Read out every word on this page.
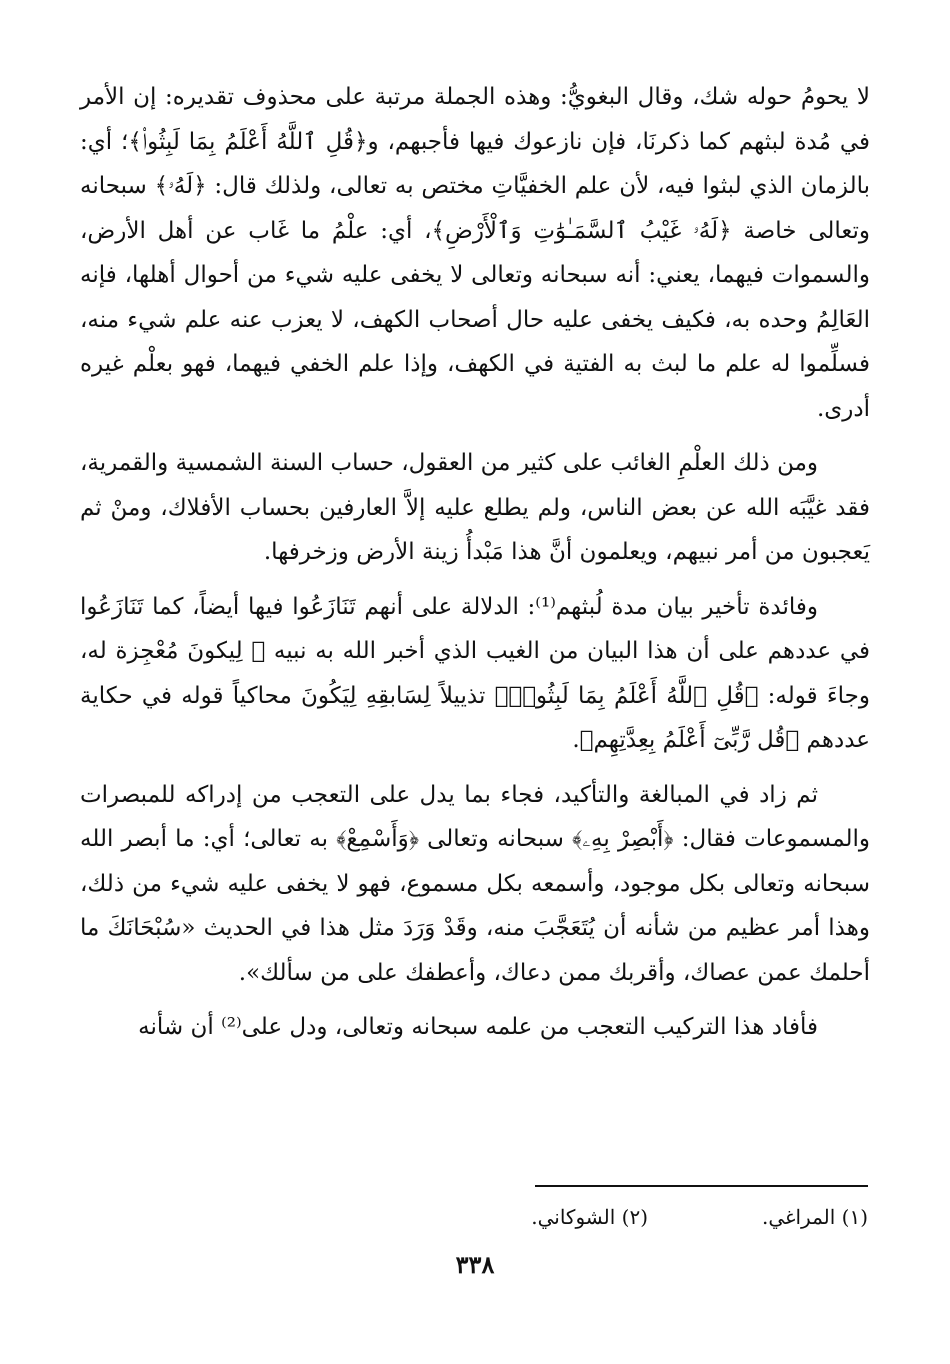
لا يحومُ حوله شك، وقال البغويُّ: وهذه الجملة مرتبة على محذوف تقديره: إن الأمر في مُدة لبثهم كما ذكرنَا، فإن نازعوك فيها فأجبهم، و﴿قُلِ ٱللَّهُ أَعْلَمُ بِمَا لَبِثُوا۟﴾؛ أي: بالزمان الذي لبثوا فيه، لأن علم الخفيَّاتِ مختص به تعالى، ولذلك قال: ﴿لَهُۥ﴾ سبحانه وتعالى خاصة ﴿لَهُۥ غَيْبُ ٱلسَّمَـٰوَٰتِ وَٱلْأَرْضِ﴾، أي: علْمُ ما غَاب عن أهل الأرض، والسموات فيهما، يعني: أنه سبحانه وتعالى لا يخفى عليه شيء من أحوال أهلها، فإنه العَالِمُ وحده به، فكيف يخفى عليه حال أصحاب الكهف، لا يعزب عنه علم شيء منه، فسلِّموا له علم ما لبث به الفتية في الكهف، وإذا علم الخفي فيهما، فهو بعلْم غيره أدرى.

ومن ذلك العلْمِ الغائب على كثير من العقول، حساب السنة الشمسية والقمرية، فقد غيَّبَه الله عن بعض الناس، ولم يطلع عليه إلاَّ العارفين بحساب الأفلاك، ومنْ ثم يَعجبون من أمر نبيهم، ويعلمون أنَّ هذا مَبْدأُ زينة الأرض وزخرفها.

وفائدة تأخير بيان مدة لُبثهم⁽¹⁾: الدلالة على أنهم تَنَازَعُوا فيها أيضاً، كما تَنَازَعُوا في عددهم على أن هذا البيان من الغيب الذي أخبر الله به نبيه ﷺ لِيكونَ مُعْجِزة له، وجاءَ قوله: ﴿قُلِ ٱللَّهُ أَعْلَمُ بِمَا لَبِثُوا۟﴾ تذييلاً لِسَابقِهِ لِيَكُونَ محاكياً قوله في حكاية عددهم ﴿قُل رَّبِّىٓ أَعْلَمُ بِعِدَّتِهِم﴾.

ثم زاد في المبالغة والتأكيد، فجاء بما يدل على التعجب من إدراكه للمبصرات والمسموعات فقال: ﴿أَبْصِرْ بِهِۦ﴾ سبحانه وتعالى ﴿وَأَسْمِعْ﴾ به تعالى؛ أي: ما أبصر الله سبحانه وتعالى بكل موجود، وأسمعه بكل مسموع، فهو لا يخفى عليه شيء من ذلك، وهذا أمر عظيم من شأنه أن يُتَعَجَّبَ منه، وقَدْ وَرَدَ مثل هذا في الحديث «سُبْحَانَكَ ما أحلمك عمن عصاك، وأقربك ممن دعاك، وأعطفك على من سألك».

فأفاد هذا التركيب التعجب من علمه سبحانه وتعالى، ودل على⁽²⁾ أن شأنه

(١) المراغي.
(٢) الشوكاني.
٣٣٨
